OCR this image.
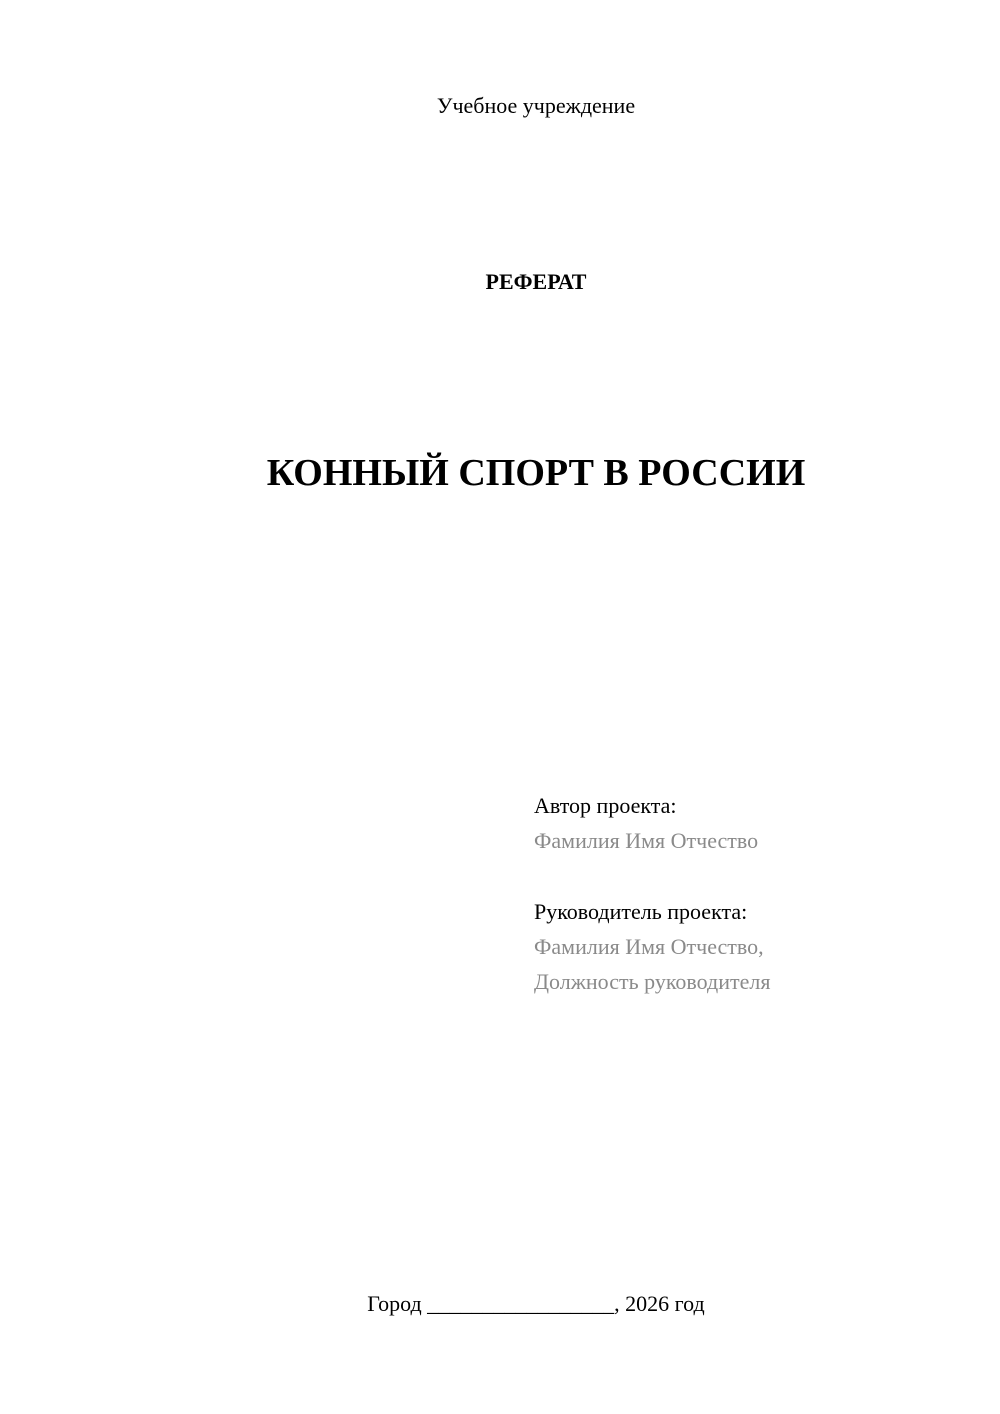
Учебное учреждение
РЕФЕРАТ
КОННЫЙ СПОРТ В РОССИИ
Автор проекта:
Фамилия Имя Отчество
Руководитель проекта:
Фамилия Имя Отчество,
Должность руководителя
Город _________________, 2026 год
